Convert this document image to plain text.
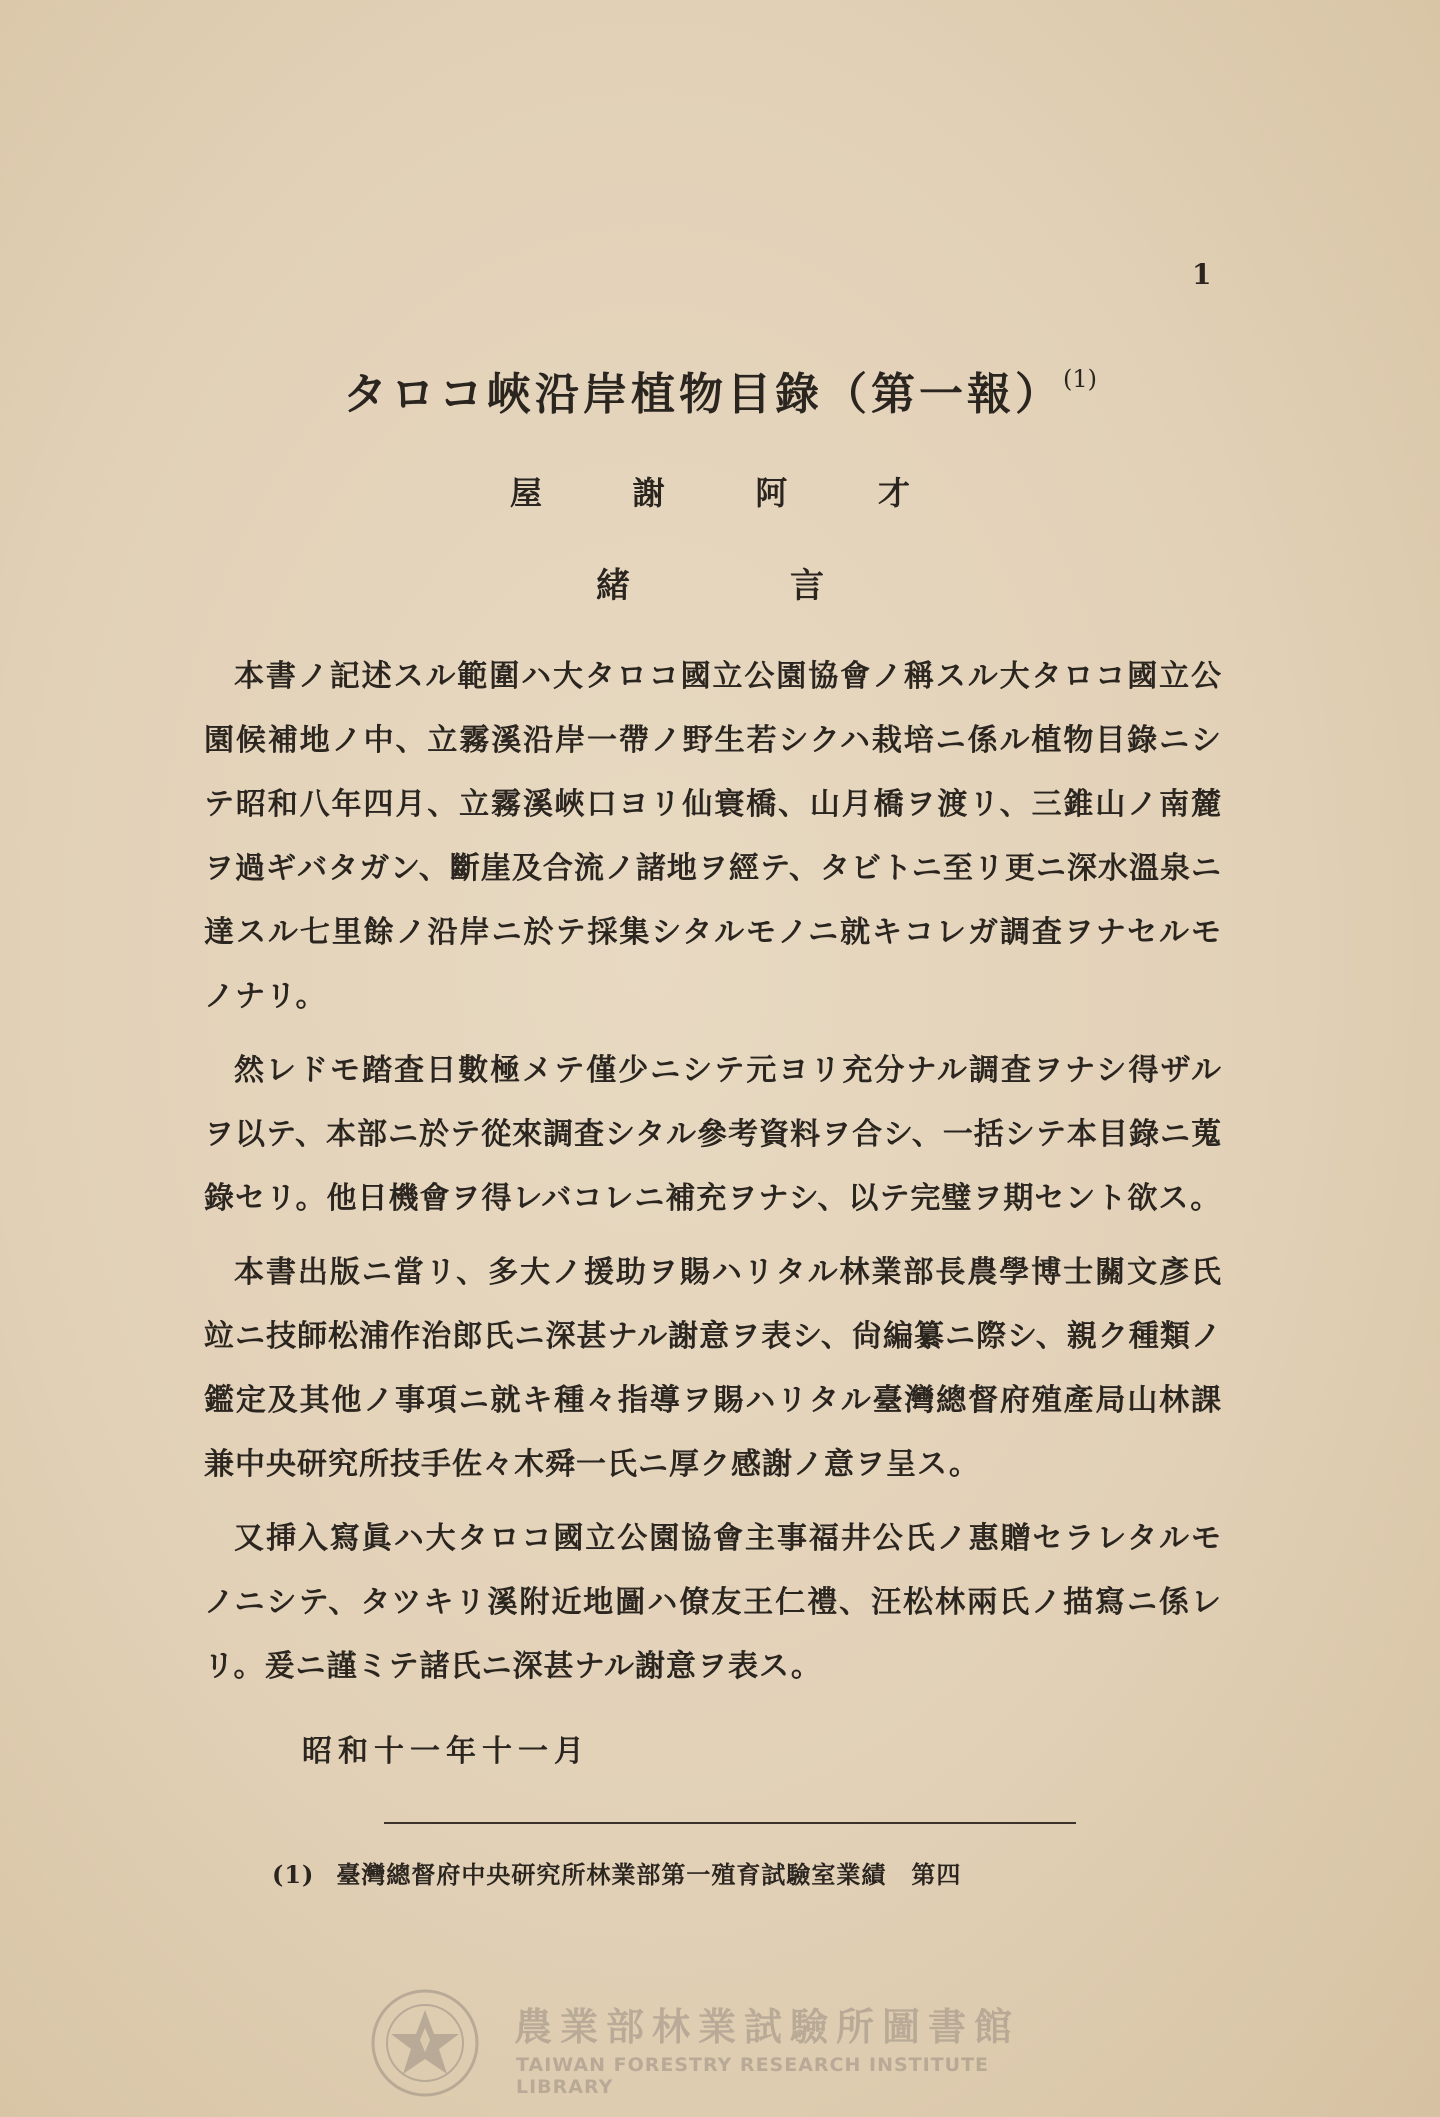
1
タロコ峽沿岸植物目錄（第一報）$^{(1)}$
屋	謝	阿	才
緒	言

本書ノ記述スル範圍ハ大タロコ國立公園協會ノ稱スル大タロコ國立公園候補地ノ中、立霧溪沿岸一帶ノ野生若シクハ栽培ニ係ル植物目錄ニシテ昭和八年四月、立霧溪峽口ヨリ仙寰橋、山月橋ヲ渡リ、三錐山ノ南麓ヲ過ギバタガン、斷崖及合流ノ諸地ヲ經テ、タビトニ至リ更ニ深水溫泉ニ達スル七里餘ノ沿岸ニ於テ採集シタルモノニ就キコレガ調査ヲナセルモノナリ。

然レドモ踏査日數極メテ僅少ニシテ元ヨリ充分ナル調査ヲナシ得ザルヲ以テ、本部ニ於テ從來調査シタル參考資料ヲ合シ、一括シテ本目錄ニ蒐錄セリ。他日機會ヲ得レバコレニ補充ヲナシ、以テ完璧ヲ期セント欲ス。

本書出版ニ當リ、多大ノ援助ヲ賜ハリタル林業部長農學博士關文彥氏竝ニ技師松浦作治郎氏ニ深甚ナル謝意ヲ表シ、尙編纂ニ際シ、親ク種類ノ鑑定及其他ノ事項ニ就キ種々指導ヲ賜ハリタル臺灣總督府殖產局山林課兼中央研究所技手佐々木舜一氏ニ厚ク感謝ノ意ヲ呈ス。

又挿入寫眞ハ大タロコ國立公園協會主事福井公氏ノ惠贈セラレタルモノニシテ、タツキリ溪附近地圖ハ僚友王仁禮、汪松林兩氏ノ描寫ニ係レリ。爰ニ謹ミテ諸氏ニ深甚ナル謝意ヲ表ス。

昭和十一年十一月
(1) 臺灣總督府中央研究所林業部第一殖育試驗室業績　第四
農業部林業試驗所圖書館
TAIWAN FORESTRY RESEARCH INSTITUTE LIBRARY
